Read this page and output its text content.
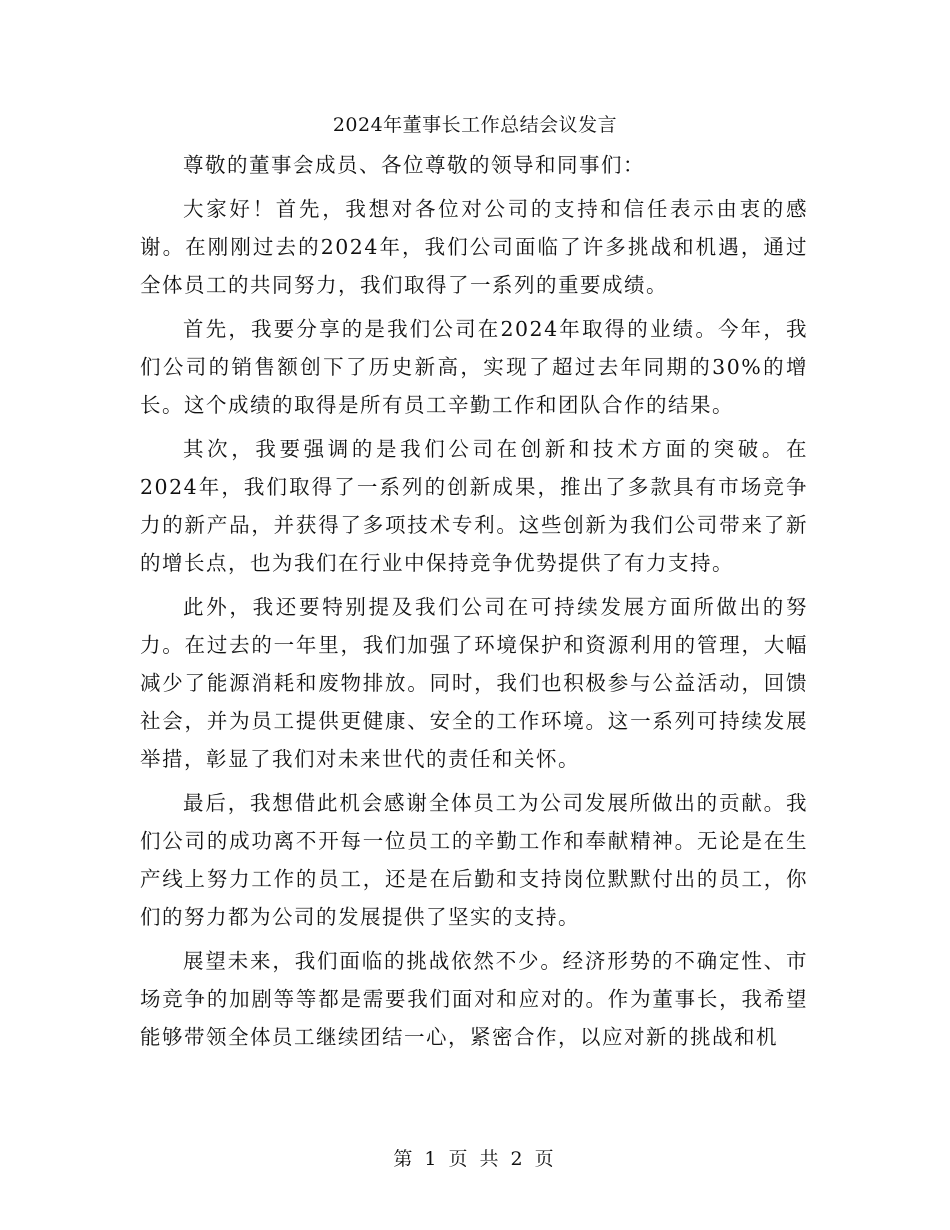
2024年董事长工作总结会议发言

尊敬的董事会成员、各位尊敬的领导和同事们：

大家好！首先，我想对各位对公司的支持和信任表示由衷的感谢。在刚刚过去的2024年，我们公司面临了许多挑战和机遇，通过全体员工的共同努力，我们取得了一系列的重要成绩。

首先，我要分享的是我们公司在2024年取得的业绩。今年，我们公司的销售额创下了历史新高，实现了超过去年同期的30%的增长。这个成绩的取得是所有员工辛勤工作和团队合作的结果。

其次，我要强调的是我们公司在创新和技术方面的突破。在2024年，我们取得了一系列的创新成果，推出了多款具有市场竞争力的新产品，并获得了多项技术专利。这些创新为我们公司带来了新的增长点，也为我们在行业中保持竞争优势提供了有力支持。

此外，我还要特别提及我们公司在可持续发展方面所做出的努力。在过去的一年里，我们加强了环境保护和资源利用的管理，大幅减少了能源消耗和废物排放。同时，我们也积极参与公益活动，回馈社会，并为员工提供更健康、安全的工作环境。这一系列可持续发展举措，彰显了我们对未来世代的责任和关怀。

最后，我想借此机会感谢全体员工为公司发展所做出的贡献。我们公司的成功离不开每一位员工的辛勤工作和奉献精神。无论是在生产线上努力工作的员工，还是在后勤和支持岗位默默付出的员工，你们的努力都为公司的发展提供了坚实的支持。

展望未来，我们面临的挑战依然不少。经济形势的不确定性、市场竞争的加剧等等都是需要我们面对和应对的。作为董事长，我希望能够带领全体员工继续团结一心，紧密合作，以应对新的挑战和机

第 1 页 共 2 页
